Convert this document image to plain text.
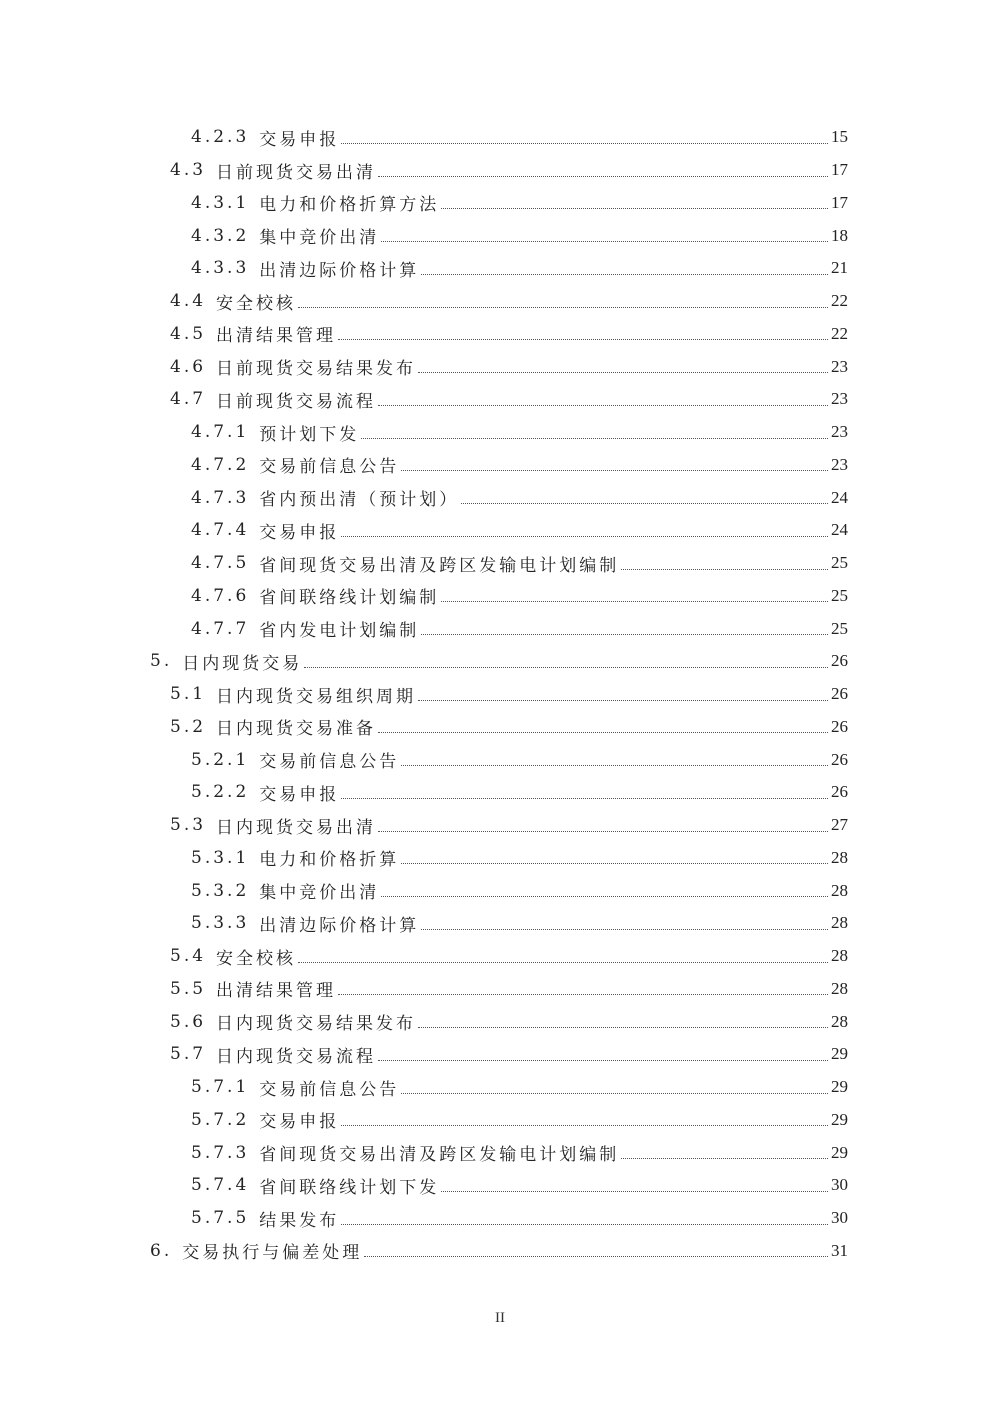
4.2.3 交易申报	15
4.3 日前现货交易出清	17
4.3.1 电力和价格折算方法	17
4.3.2 集中竞价出清	18
4.3.3 出清边际价格计算	21
4.4 安全校核	22
4.5 出清结果管理	22
4.6 日前现货交易结果发布	23
4.7 日前现货交易流程	23
4.7.1 预计划下发	23
4.7.2 交易前信息公告	23
4.7.3 省内预出清（预计划）	24
4.7.4 交易申报	24
4.7.5 省间现货交易出清及跨区发输电计划编制	25
4.7.6 省间联络线计划编制	25
4.7.7 省内发电计划编制	25
5. 日内现货交易	26
5.1 日内现货交易组织周期	26
5.2 日内现货交易准备	26
5.2.1 交易前信息公告	26
5.2.2 交易申报	26
5.3 日内现货交易出清	27
5.3.1 电力和价格折算	28
5.3.2 集中竞价出清	28
5.3.3 出清边际价格计算	28
5.4 安全校核	28
5.5 出清结果管理	28
5.6 日内现货交易结果发布	28
5.7 日内现货交易流程	29
5.7.1 交易前信息公告	29
5.7.2 交易申报	29
5.7.3 省间现货交易出清及跨区发输电计划编制	29
5.7.4 省间联络线计划下发	30
5.7.5 结果发布	30
6. 交易执行与偏差处理	31
II
